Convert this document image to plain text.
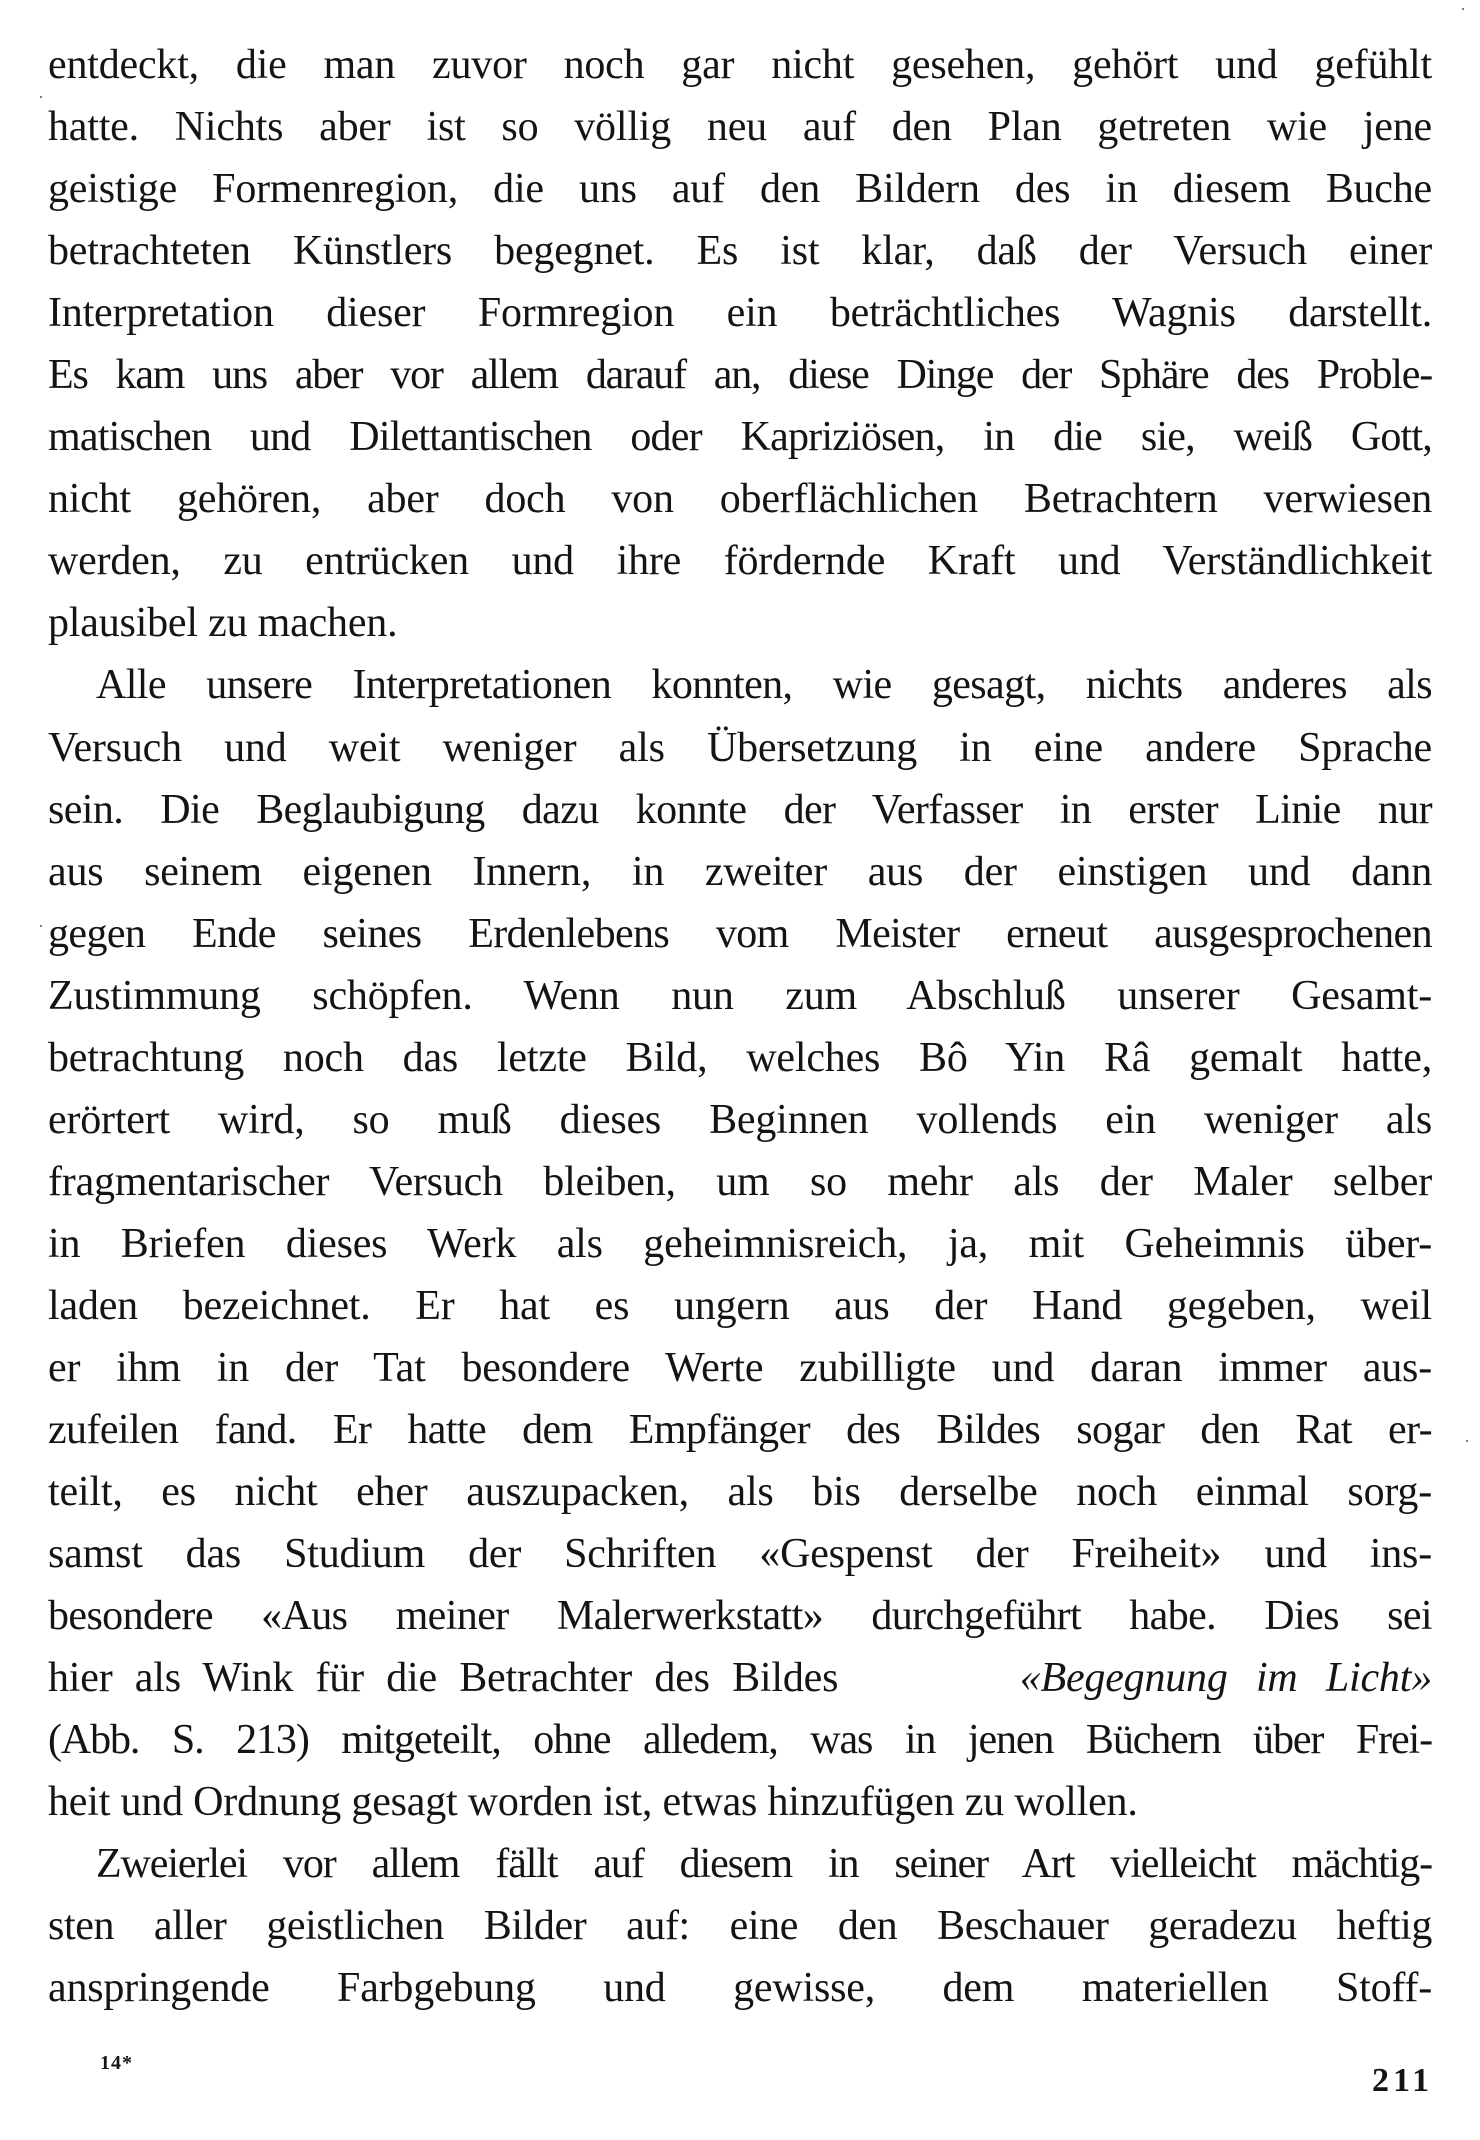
entdeckt, die man zuvor noch gar nicht gesehen, gehört und gefühlt
hatte. Nichts aber ist so völlig neu auf den Plan getreten wie jene
geistige Formenregion, die uns auf den Bildern des in diesem Buche
betrachteten Künstlers begegnet. Es ist klar, daß der Versuch einer
Interpretation dieser Formregion ein beträchtliches Wagnis darstellt.
Es kam uns aber vor allem darauf an, diese Dinge der Sphäre des Proble-
matischen und Dilettantischen oder Kapriziösen, in die sie, weiß Gott,
nicht gehören, aber doch von oberflächlichen Betrachtern verwiesen
werden, zu entrücken und ihre fördernde Kraft und Verständlichkeit
plausibel zu machen.
Alle unsere Interpretationen konnten, wie gesagt, nichts anderes als
Versuch und weit weniger als Übersetzung in eine andere Sprache
sein. Die Beglaubigung dazu konnte der Verfasser in erster Linie nur
aus seinem eigenen Innern, in zweiter aus der einstigen und dann
gegen Ende seines Erdenlebens vom Meister erneut ausgesprochenen
Zustimmung schöpfen. Wenn nun zum Abschluß unserer Gesamt-
betrachtung noch das letzte Bild, welches Bô Yin Râ gemalt hatte,
erörtert wird, so muß dieses Beginnen vollends ein weniger als
fragmentarischer Versuch bleiben, um so mehr als der Maler selber
in Briefen dieses Werk als geheimnisreich, ja, mit Geheimnis über-
laden bezeichnet. Er hat es ungern aus der Hand gegeben, weil
er ihm in der Tat besondere Werte zubilligte und daran immer aus-
zufeilen fand. Er hatte dem Empfänger des Bildes sogar den Rat er-
teilt, es nicht eher auszupacken, als bis derselbe noch einmal sorg-
samst das Studium der Schriften «Gespenst der Freiheit» und ins-
besondere «Aus meiner Malerwerkstatt» durchgeführt habe. Dies sei
hier als Wink für die Betrachter des Bildes	«Begegnung im Licht»
(Abb. S. 213) mitgeteilt, ohne alledem, was in jenen Büchern über Frei-
heit und Ordnung gesagt worden ist, etwas hinzufügen zu wollen.
Zweierlei vor allem fällt auf diesem in seiner Art vielleicht mächtig-
sten aller geistlichen Bilder auf: eine den Beschauer geradezu heftig
anspringende Farbgebung und gewisse, dem materiellen Stoff-
14*	211
